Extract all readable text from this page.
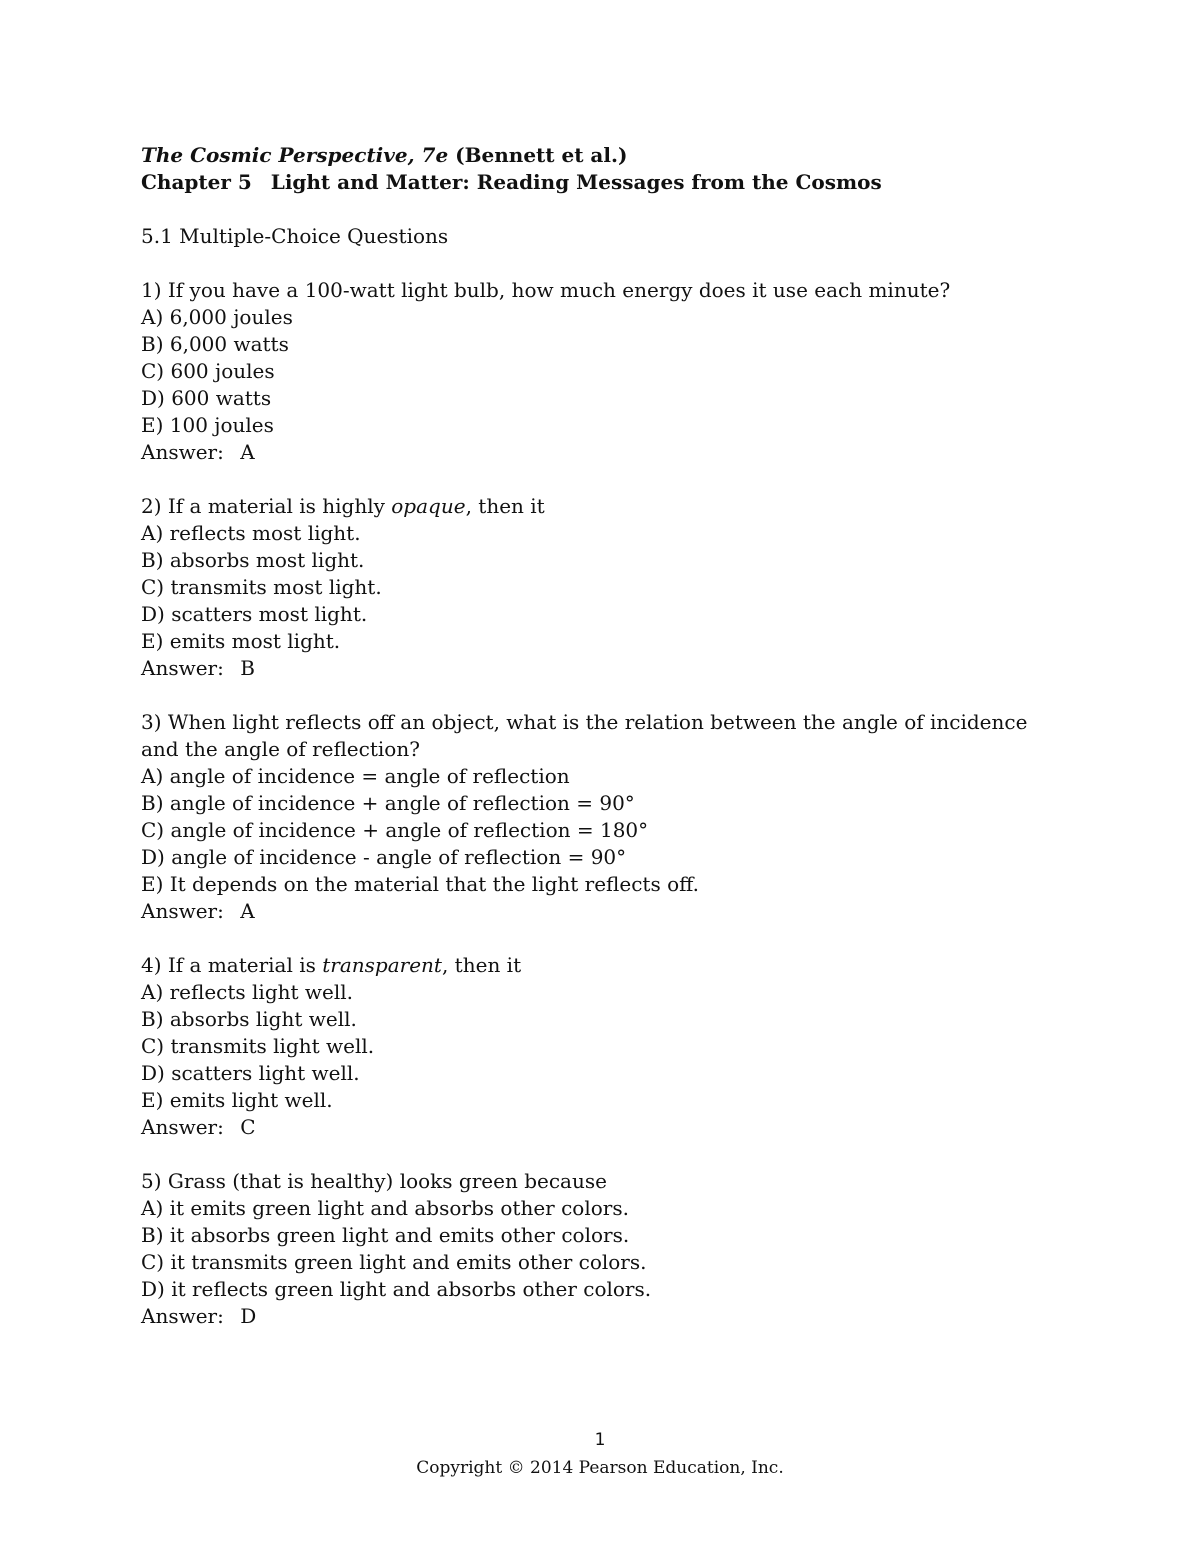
The Cosmic Perspective, 7e (Bennett et al.)

Chapter 5 Light and Matter: Reading Messages from the Cosmos

5.1 Multiple-Choice Questions

1) If you have a 100-watt light bulb, how much energy does it use each minute?

A) 6,000 joules

B) 6,000 watts

C) 600 joules

D) 600 watts

E) 100 joules

Answer: A

2) If a material is highly opaque, then it

A) reflects most light.

B) absorbs most light.

C) transmits most light.

D) scatters most light.

E) emits most light.

Answer: B

3) When light reflects off an object, what is the relation between the angle of incidence and the angle of reflection?

A) angle of incidence = angle of reflection

B) angle of incidence + angle of reflection = 90°

C) angle of incidence + angle of reflection = 180°

D) angle of incidence - angle of reflection = 90°

E) It depends on the material that the light reflects off.

Answer: A

4) If a material is transparent, then it

A) reflects light well.

B) absorbs light well.

C) transmits light well.

D) scatters light well.

E) emits light well.

Answer: C

5) Grass (that is healthy) looks green because

A) it emits green light and absorbs other colors.

B) it absorbs green light and emits other colors.

C) it transmits green light and emits other colors.

D) it reflects green light and absorbs other colors.

Answer: D

1
Copyright © 2014 Pearson Education, Inc.
